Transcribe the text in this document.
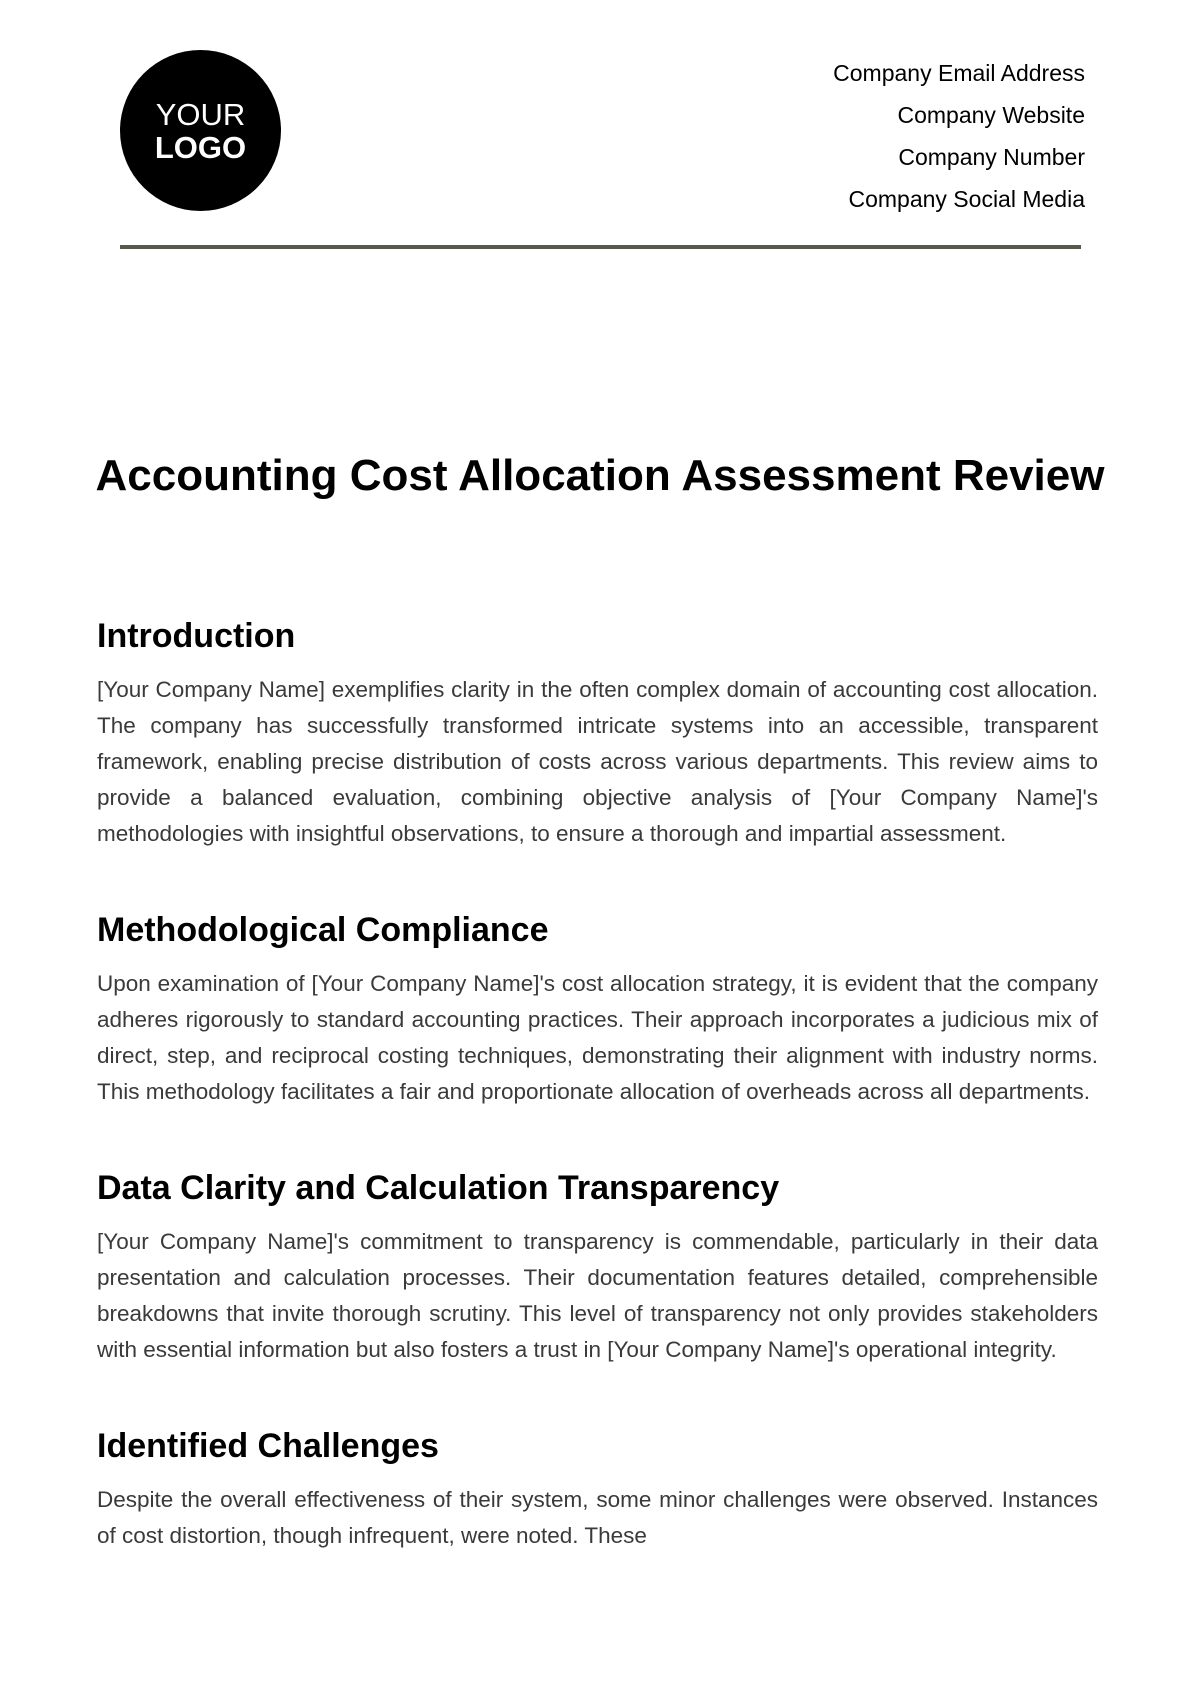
YOUR
LOGO
Company Email Address
Company Website
Company Number
Company Social Media
Accounting Cost Allocation Assessment Review
Introduction

[Your Company Name] exemplifies clarity in the often complex domain of accounting cost allocation. The company has successfully transformed intricate systems into an accessible, transparent framework, enabling precise distribution of costs across various departments. This review aims to provide a balanced evaluation, combining objective analysis of [Your Company Name]'s methodologies with insightful observations, to ensure a thorough and impartial assessment.

Methodological Compliance

Upon examination of [Your Company Name]'s cost allocation strategy, it is evident that the company adheres rigorously to standard accounting practices. Their approach incorporates a judicious mix of direct, step, and reciprocal costing techniques, demonstrating their alignment with industry norms. This methodology facilitates a fair and proportionate allocation of overheads across all departments.

Data Clarity and Calculation Transparency

[Your Company Name]'s commitment to transparency is commendable, particularly in their data presentation and calculation processes. Their documentation features detailed, comprehensible breakdowns that invite thorough scrutiny. This level of transparency not only provides stakeholders with essential information but also fosters a trust in [Your Company Name]'s operational integrity.

Identified Challenges

Despite the overall effectiveness of their system, some minor challenges were observed. Instances of cost distortion, though infrequent, were noted. These
